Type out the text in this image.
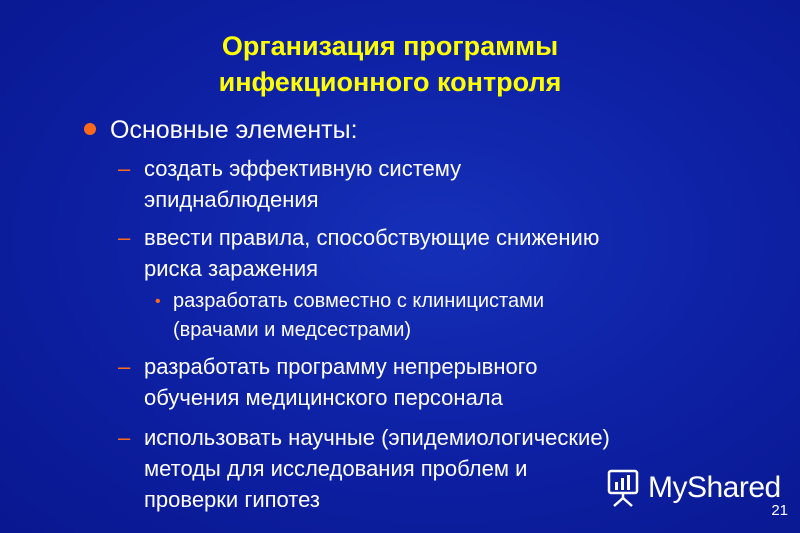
Организация программы
инфекционного контроля
Основные элементы:
– создать эффективную систему
эпиднаблюдения
– ввести правила, способствующие снижению
риска заражения
• разработать совместно с клиницистами
(врачами и медсестрами)
– разработать программу непрерывного
обучения медицинского персонала
– использовать научные (эпидемиологические)
методы для исследования проблем и
проверки гипотез	MyShared
21
